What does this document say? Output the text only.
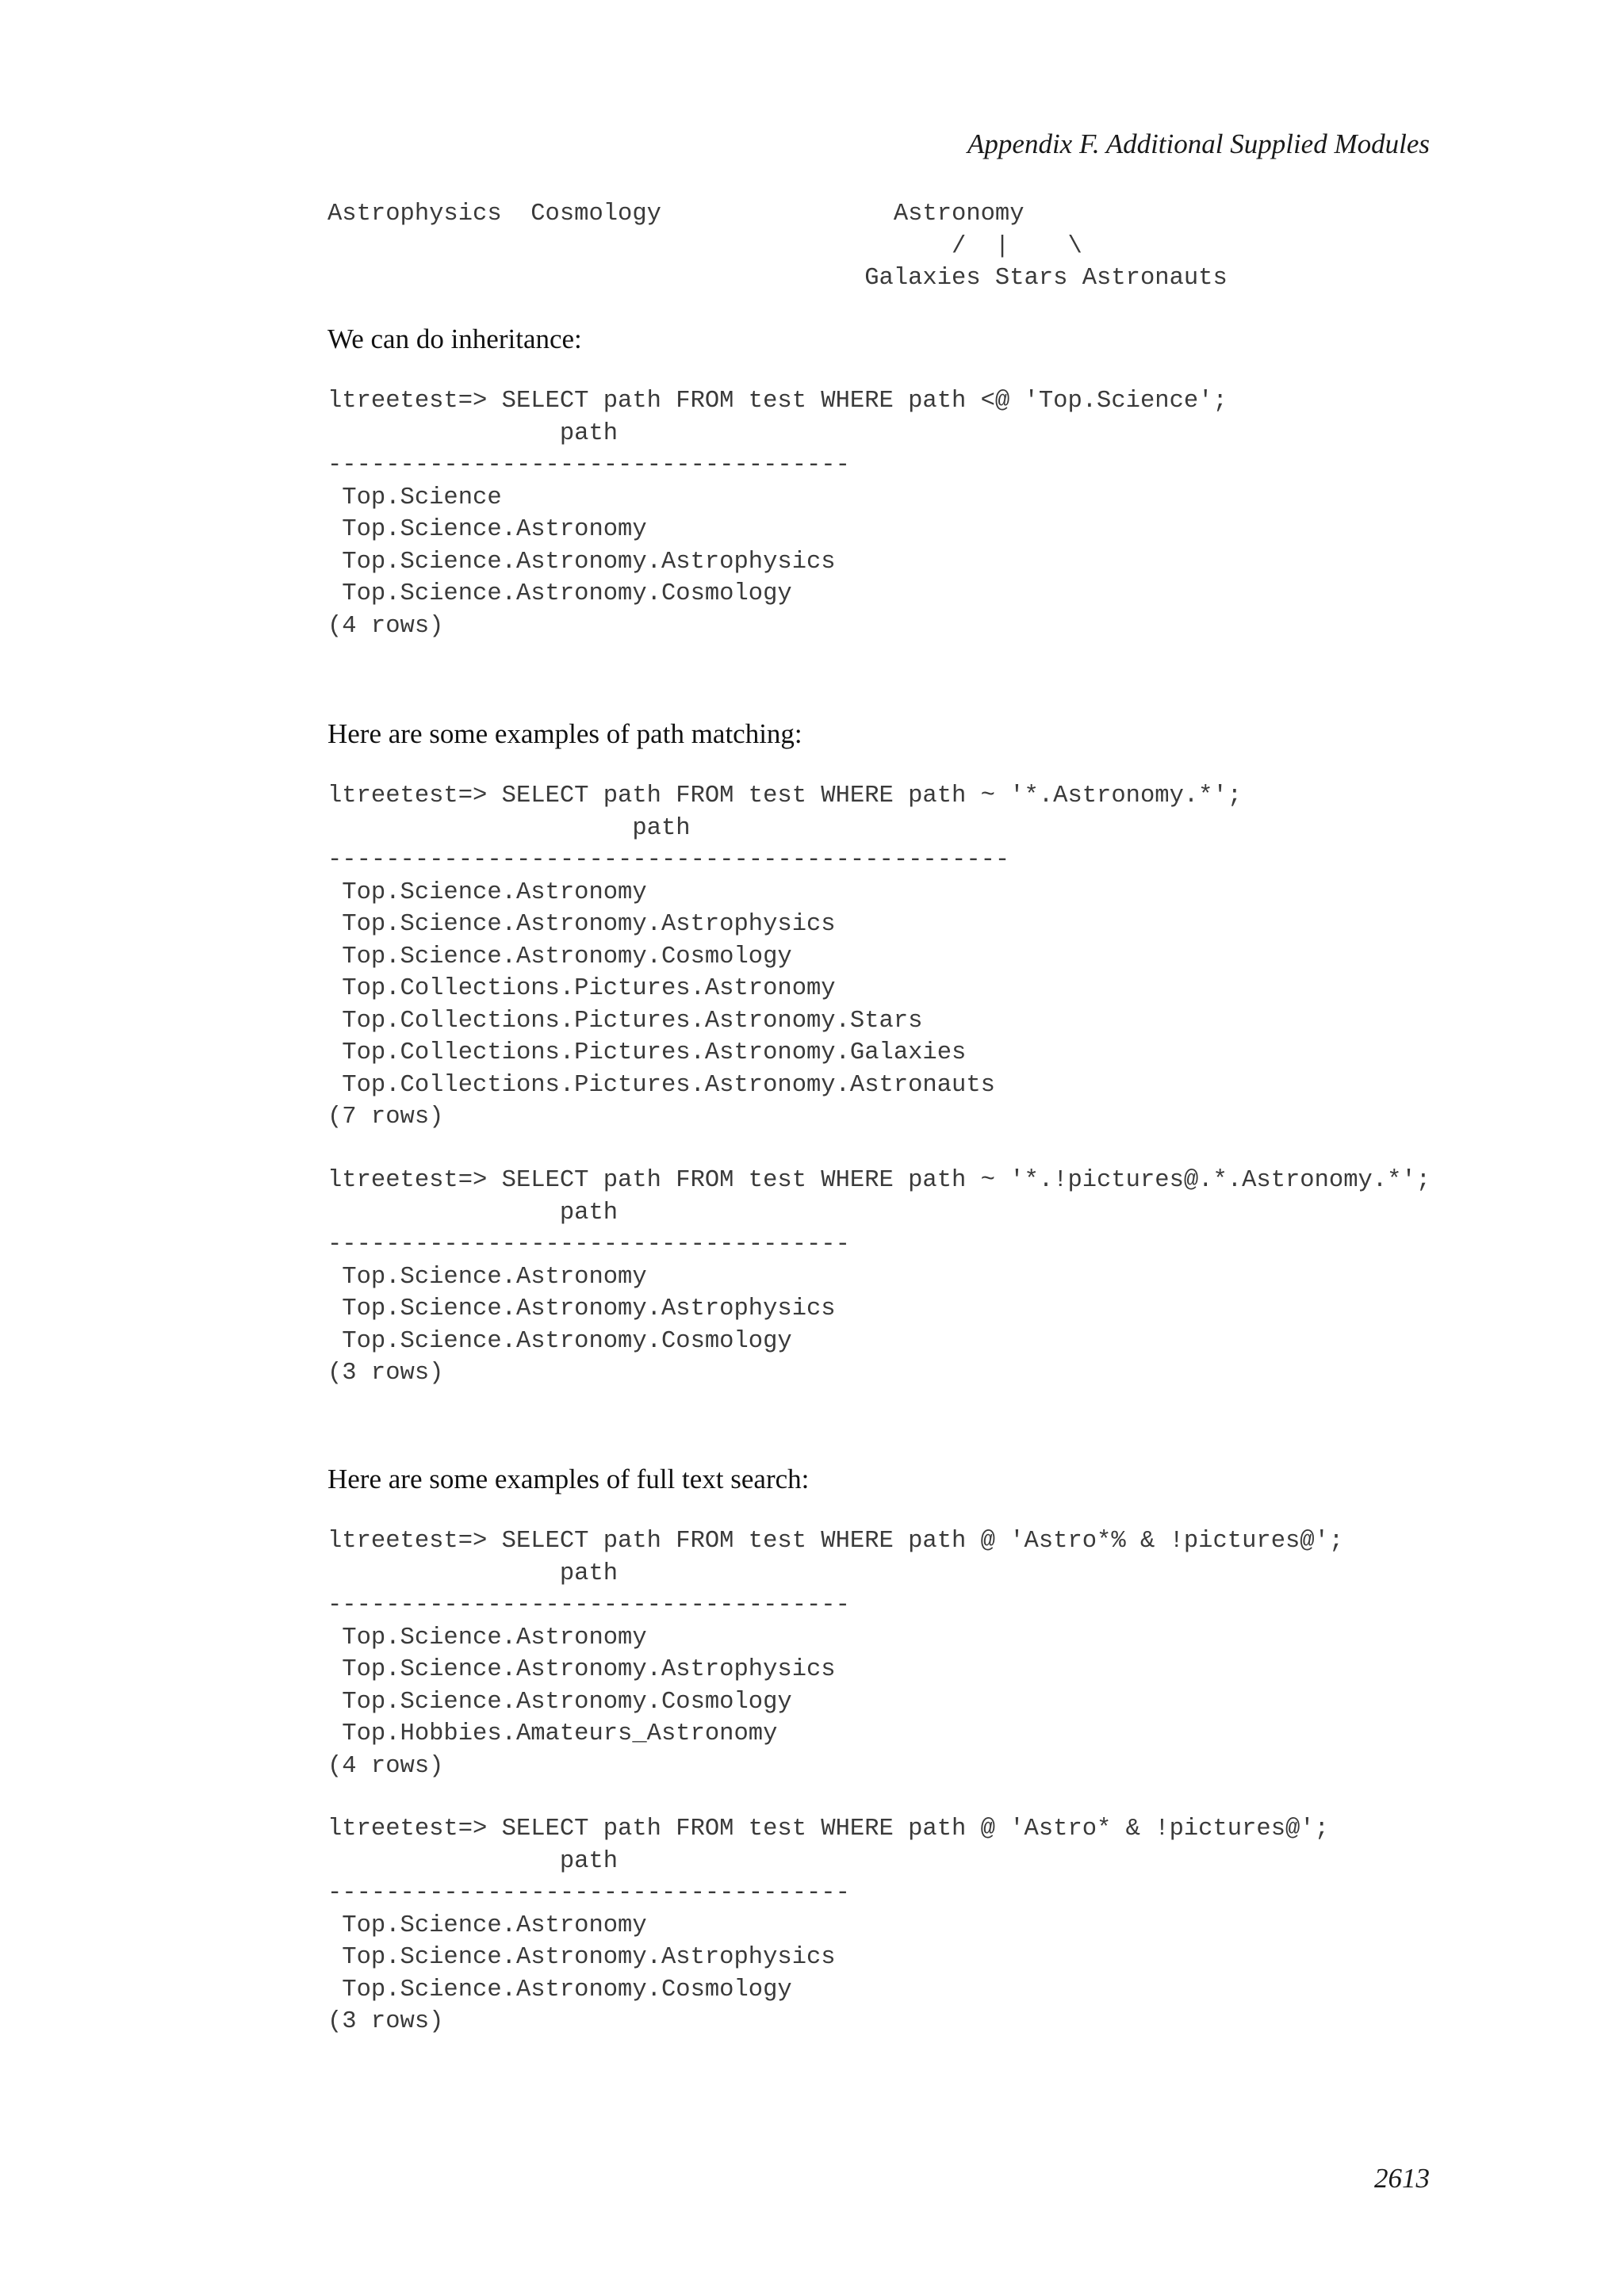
Appendix F. Additional Supplied Modules
Astrophysics  Cosmology                Astronomy
/  |    \
Galaxies Stars Astronauts

We can do inheritance:

ltreetest=> SELECT path FROM test WHERE path <@ 'Top.Science';
path
------------------------------------
Top.Science
Top.Science.Astronomy
Top.Science.Astronomy.Astrophysics
Top.Science.Astronomy.Cosmology
(4 rows)

Here are some examples of path matching:

ltreetest=> SELECT path FROM test WHERE path ~ '*.Astronomy.*';
path
-----------------------------------------------
Top.Science.Astronomy
Top.Science.Astronomy.Astrophysics
Top.Science.Astronomy.Cosmology
Top.Collections.Pictures.Astronomy
Top.Collections.Pictures.Astronomy.Stars
Top.Collections.Pictures.Astronomy.Galaxies
Top.Collections.Pictures.Astronomy.Astronauts
(7 rows)
ltreetest=> SELECT path FROM test WHERE path ~ '*.!pictures@.*.Astronomy.*';
path
------------------------------------
Top.Science.Astronomy
Top.Science.Astronomy.Astrophysics
Top.Science.Astronomy.Cosmology
(3 rows)

Here are some examples of full text search:

ltreetest=> SELECT path FROM test WHERE path @ 'Astro*% & !pictures@';
path
------------------------------------
Top.Science.Astronomy
Top.Science.Astronomy.Astrophysics
Top.Science.Astronomy.Cosmology
Top.Hobbies.Amateurs_Astronomy
(4 rows)
ltreetest=> SELECT path FROM test WHERE path @ 'Astro* & !pictures@';
path
------------------------------------
Top.Science.Astronomy
Top.Science.Astronomy.Astrophysics
Top.Science.Astronomy.Cosmology
(3 rows)
2613
